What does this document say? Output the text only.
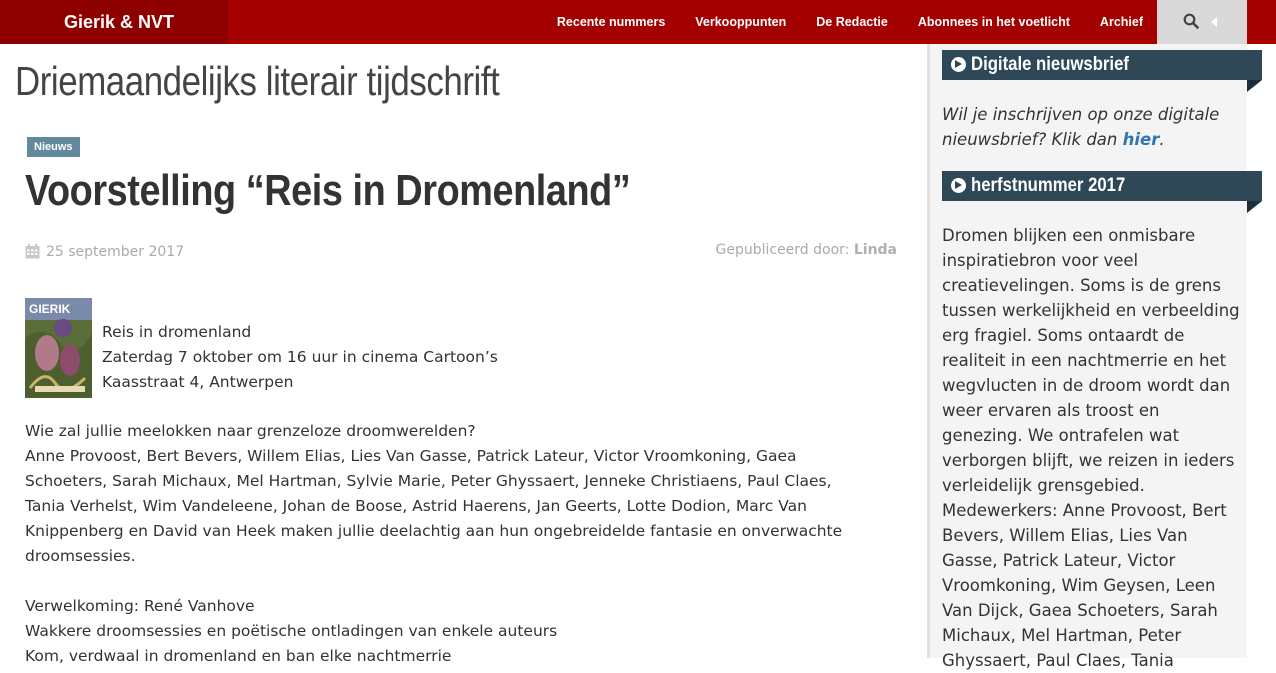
Gierik & NVT	Recente nummers	Verkooppunten	De Redactie	Abonnees in het voetlicht	Archief
Driemaandelijks literair tijdschrift
Nieuws
Voorstelling “Reis in Dromenland”
25 september 2017	Gepubliceerd door: Linda
GIERIK
Reis in dromenland
Zaterdag 7 oktober om 16 uur in cinema Cartoon’s
Kaasstraat 4, Antwerpen

Wie zal jullie meelokken naar grenzeloze droomwerelden?

Anne Provoost, Bert Bevers, Willem Elias, Lies Van Gasse, Patrick Lateur, Victor Vroomkoning, Gaea

Schoeters, Sarah Michaux, Mel Hartman, Sylvie Marie, Peter Ghyssaert, Jenneke Christiaens, Paul Claes,

Tania Verhelst, Wim Vandeleene, Johan de Boose, Astrid Haerens, Jan Geerts, Lotte Dodion, Marc Van

Knippenberg en David van Heek maken jullie deelachtig aan hun ongebreidelde fantasie en onverwachte

droomsessies.

Verwelkoming: René Vanhove

Wakkere droomsessies en poëtische ontladingen van enkele auteurs

Kom, verdwaal in dromenland en ban elke nachtmerrie

Digitale nieuwsbrief
Wil je inschrijven op onze digitale nieuwsbrief? Klik dan hier.
herfstnummer 2017
Dromen blijken een onmisbare
inspiratiebron voor veel
creatievelingen. Soms is de grens
tussen werkelijkheid en verbeelding
erg fragiel. Soms ontaardt de
realiteit in een nachtmerrie en het
wegvlucten in de droom wordt dan
weer ervaren als troost en
genezing. We ontrafelen wat
verborgen blijft, we reizen in ieders
verleidelijk grensgebied.
Medewerkers: Anne Provoost, Bert
Bevers, Willem Elias, Lies Van
Gasse, Patrick Lateur, Victor
Vroomkoning, Wim Geysen, Leen
Van Dijck, Gaea Schoeters, Sarah
Michaux, Mel Hartman, Peter
Ghyssaert, Paul Claes, Tania
